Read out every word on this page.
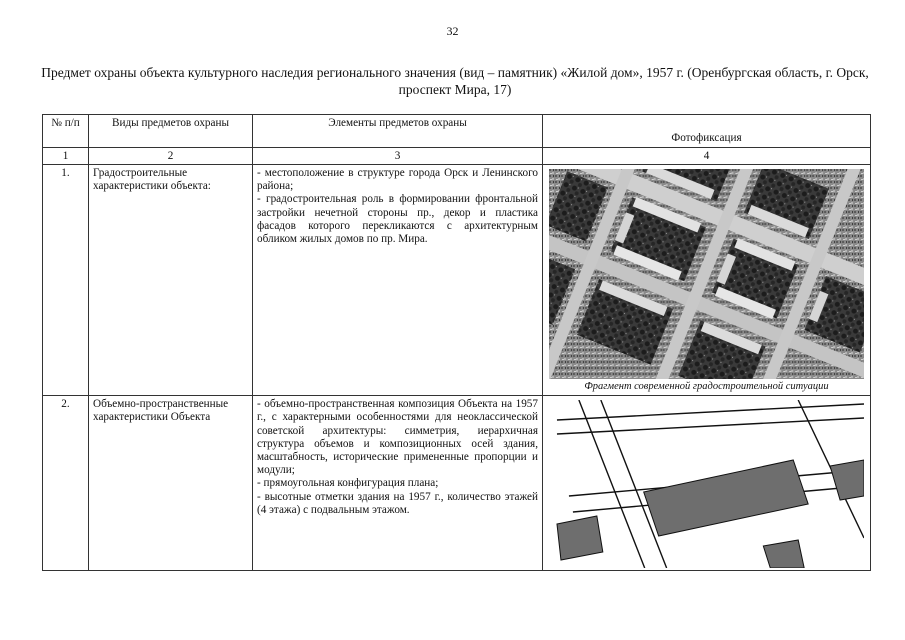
32
Предмет охраны объекта культурного наследия регионального значения (вид – памятник) «Жилой дом», 1957 г. (Оренбургская область, г. Орск, проспект Мира, 17)
№ п/п	Виды предметов охраны	Элементы предметов охраны	Фотофиксация
1	2	3	4
1.	Градостроительные характеристики объекта:	- местоположение в структуре города Орск и Ленинского района;
- градостроительная роль в формировании фронтальной застройки нечетной стороны пр., декор и пластика фасадов которого перекликаются с архитектурным обликом жилых домов по пр. Мира.	Фрагмент современной градостроительной ситуации

2.	Объемно-пространственные характеристики Объекта	- объемно-пространственная композиция Объекта на 1957 г., с характерными особенностями для неоклассической советской архитектуры: симметрия, иерархичная структура объемов и композиционных осей здания, масштабность, исторические примененные пропорции и модули;
- прямоугольная конфигурация плана;
- высотные отметки здания на 1957 г., количество этажей (4 этажа) с подвальным этажом.
